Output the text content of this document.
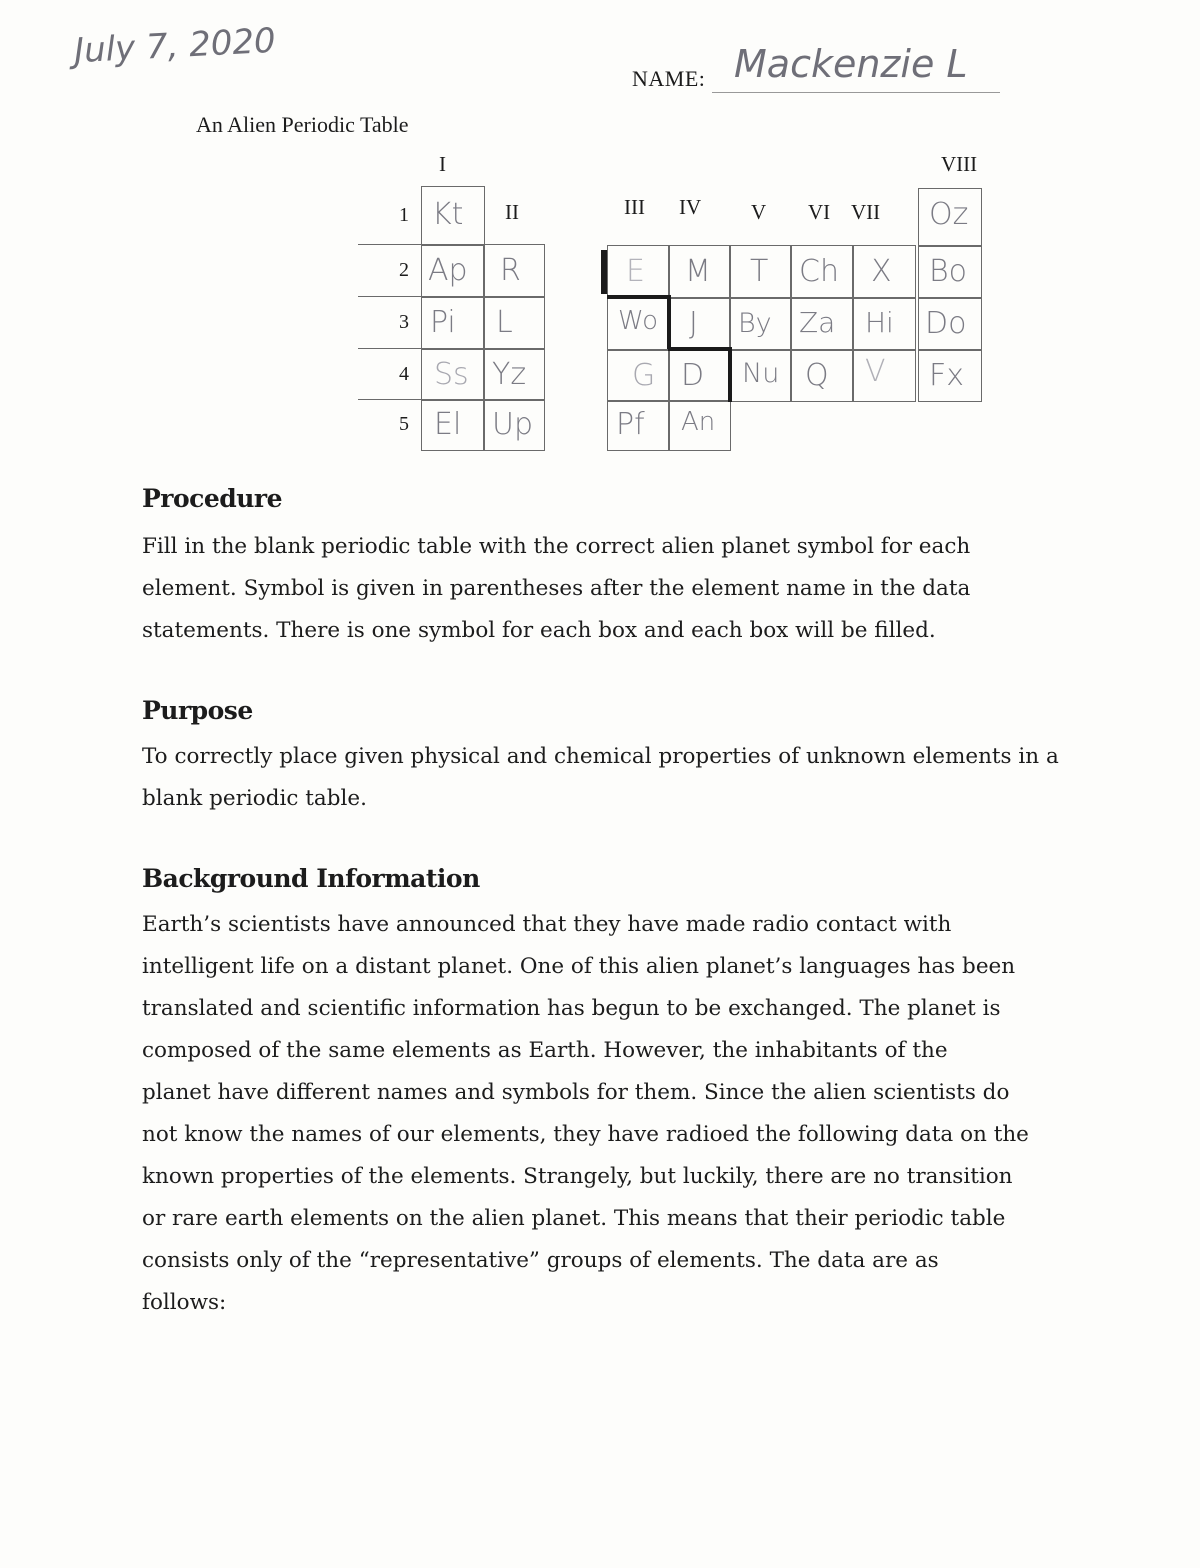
July 7, 2020
NAME: Mackenzie L
An Alien Periodic Table
I
II	III IV V VI VII
VIII
1
2
3
4
5
Kt
Ap R
Pi L
Ss Yz
El Up
Oz
E M T Ch X Bo
Wo J By Za Hi Do
G D Nu Q V Fx
Pf An
Procedure
Fill in the blank periodic table with the correct alien planet symbol for each
element. Symbol is given in parentheses after the element name in the data
statements. There is one symbol for each box and each box will be filled.
Purpose
To correctly place given physical and chemical properties of unknown elements in a
blank periodic table.
Background Information
Earth’s scientists have announced that they have made radio contact with
intelligent life on a distant planet. One of this alien planet’s languages has been
translated and scientific information has begun to be exchanged. The planet is
composed of the same elements as Earth. However, the inhabitants of the
planet have different names and symbols for them. Since the alien scientists do
not know the names of our elements, they have radioed the following data on the
known properties of the elements. Strangely, but luckily, there are no transition
or rare earth elements on the alien planet. This means that their periodic table
consists only of the “representative” groups of elements. The data are as
follows:
